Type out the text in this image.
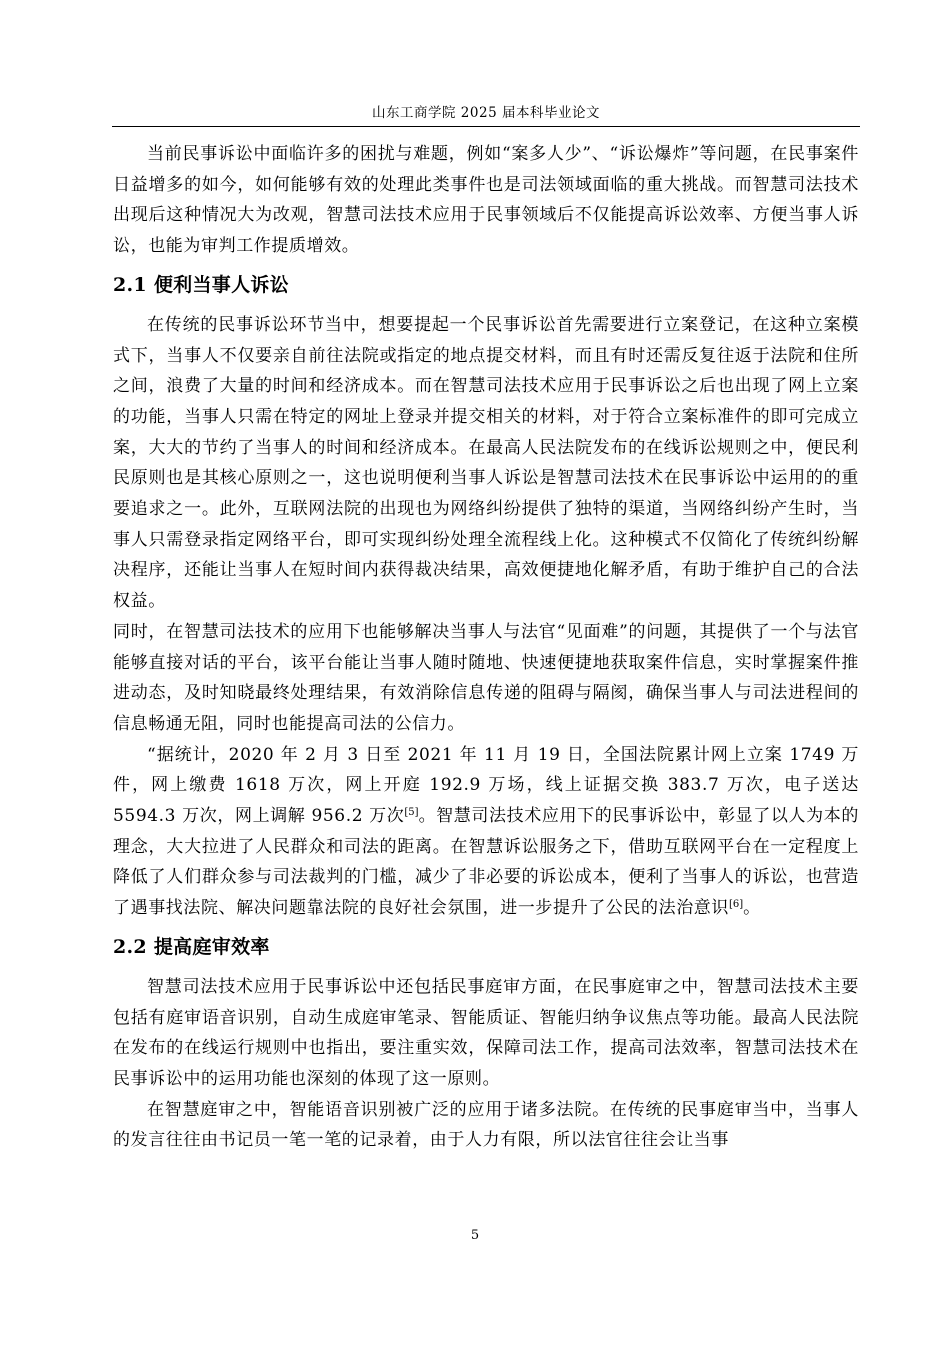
山东工商学院 2025 届本科毕业论文

当前民事诉讼中面临许多的困扰与难题，例如“案多人少”、“诉讼爆炸”等问题，在民事案件日益增多的如今，如何能够有效的处理此类事件也是司法领域面临的重大挑战。而智慧司法技术出现后这种情况大为改观，智慧司法技术应用于民事领域后不仅能提高诉讼效率、方便当事人诉讼，也能为审判工作提质增效。

2.1 便利当事人诉讼

在传统的民事诉讼环节当中，想要提起一个民事诉讼首先需要进行立案登记，在这种立案模式下，当事人不仅要亲自前往法院或指定的地点提交材料，而且有时还需反复往返于法院和住所之间，浪费了大量的时间和经济成本。而在智慧司法技术应用于民事诉讼之后也出现了网上立案的功能，当事人只需在特定的网址上登录并提交相关的材料，对于符合立案标准件的即可完成立案，大大的节约了当事人的时间和经济成本。在最高人民法院发布的在线诉讼规则之中，便民利民原则也是其核心原则之一，这也说明便利当事人诉讼是智慧司法技术在民事诉讼中运用的的重要追求之一。此外，互联网法院的出现也为网络纠纷提供了独特的渠道，当网络纠纷产生时，当事人只需登录指定网络平台，即可实现纠纷处理全流程线上化。这种模式不仅简化了传统纠纷解决程序，还能让当事人在短时间内获得裁决结果，高效便捷地化解矛盾，有助于维护自己的合法权益。
同时，在智慧司法技术的应用下也能够解决当事人与法官“见面难”的问题，其提供了一个与法官能够直接对话的平台，该平台能让当事人随时随地、快速便捷地获取案件信息，实时掌握案件推进动态，及时知晓最终处理结果，有效消除信息传递的阻碍与隔阂，确保当事人与司法进程间的信息畅通无阻，同时也能提高司法的公信力。

“据统计，2020 年 2 月 3 日至 2021 年 11 月 19 日，全国法院累计网上立案 1749 万件，网上缴费 1618 万次，网上开庭 192.9 万场，线上证据交换 383.7 万次，电子送达 5594.3 万次，网上调解 956.2 万次[5]。智慧司法技术应用下的民事诉讼中，彰显了以人为本的理念，大大拉进了人民群众和司法的距离。在智慧诉讼服务之下，借助互联网平台在一定程度上降低了人们群众参与司法裁判的门槛，减少了非必要的诉讼成本，便利了当事人的诉讼，也营造了遇事找法院、解决问题靠法院的良好社会氛围，进一步提升了公民的法治意识[6]。

2.2 提高庭审效率

智慧司法技术应用于民事诉讼中还包括民事庭审方面，在民事庭审之中，智慧司法技术主要包括有庭审语音识别，自动生成庭审笔录、智能质证、智能归纳争议焦点等功能。最高人民法院在发布的在线运行规则中也指出，要注重实效，保障司法工作，提高司法效率，智慧司法技术在民事诉讼中的运用功能也深刻的体现了这一原则。

在智慧庭审之中，智能语音识别被广泛的应用于诸多法院。在传统的民事庭审当中，当事人的发言往往由书记员一笔一笔的记录着，由于人力有限，所以法官往往会让当事

5
